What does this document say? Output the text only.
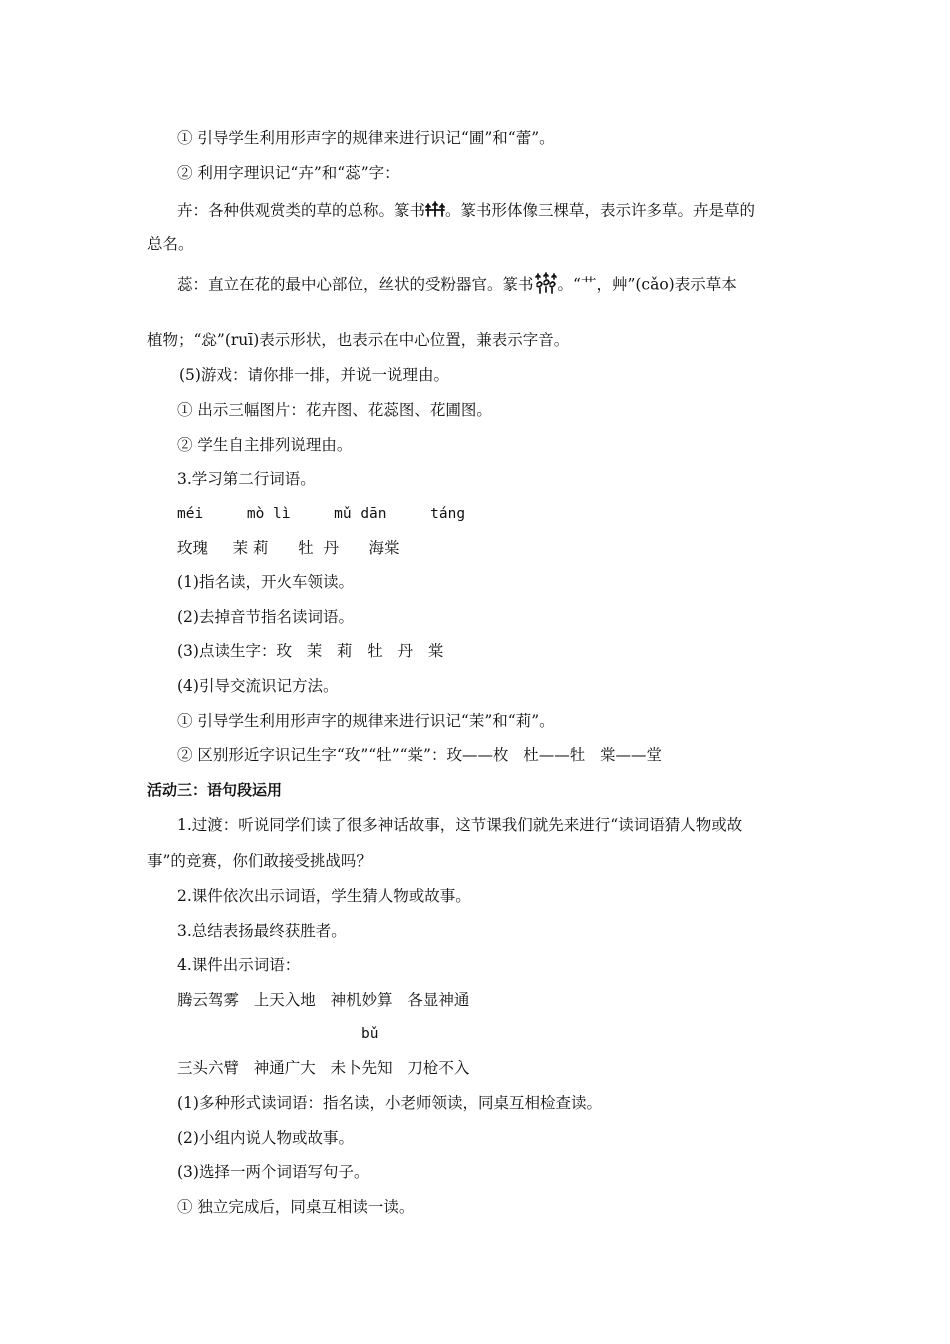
① 引导学生利用形声字的规律来进行识记“圃”和“蕾”。
② 利用字理识记“卉”和“蕊”字：
卉：各种供观赏类的草的总称。篆书 。篆书形体像三棵草，表示许多草。卉是草的
总名。
蕊：直立在花的最中心部位，丝状的受粉器官。篆书 。“艹，艸”(cǎo)表示草本
植物；“惢”(ruī)表示形状，也表示在中心位置，兼表示字音。
(5)游戏：请你排一排，并说一说理由。
① 出示三幅图片：花卉图、花蕊图、花圃图。
② 学生自主排列说理由。
3.学习第二行词语。
méi     mò lì     mǔ dān     táng
玫瑰     茉 莉      牡  丹      海棠
(1)指名读，开火车领读。
(2)去掉音节指名读词语。
(3)点读生字：玫   茉   莉   牡   丹   棠
(4)引导交流识记方法。
① 引导学生利用形声字的规律来进行识记“茉”和“莉”。
② 区别形近字识记生字“玫”“牡”“棠”：玫——枚   杜——牡   棠——堂
活动三：语句段运用
1.过渡：听说同学们读了很多神话故事，这节课我们就先来进行“读词语猜人物或故
事”的竞赛，你们敢接受挑战吗？
2.课件依次出示词语，学生猜人物或故事。
3.总结表扬最终获胜者。
4.课件出示词语：
腾云驾雾   上天入地   神机妙算   各显神通
bǔ
三头六臂   神通广大   未卜先知   刀枪不入
(1)多种形式读词语：指名读，小老师领读，同桌互相检查读。
(2)小组内说人物或故事。
(3)选择一两个词语写句子。
① 独立完成后，同桌互相读一读。
